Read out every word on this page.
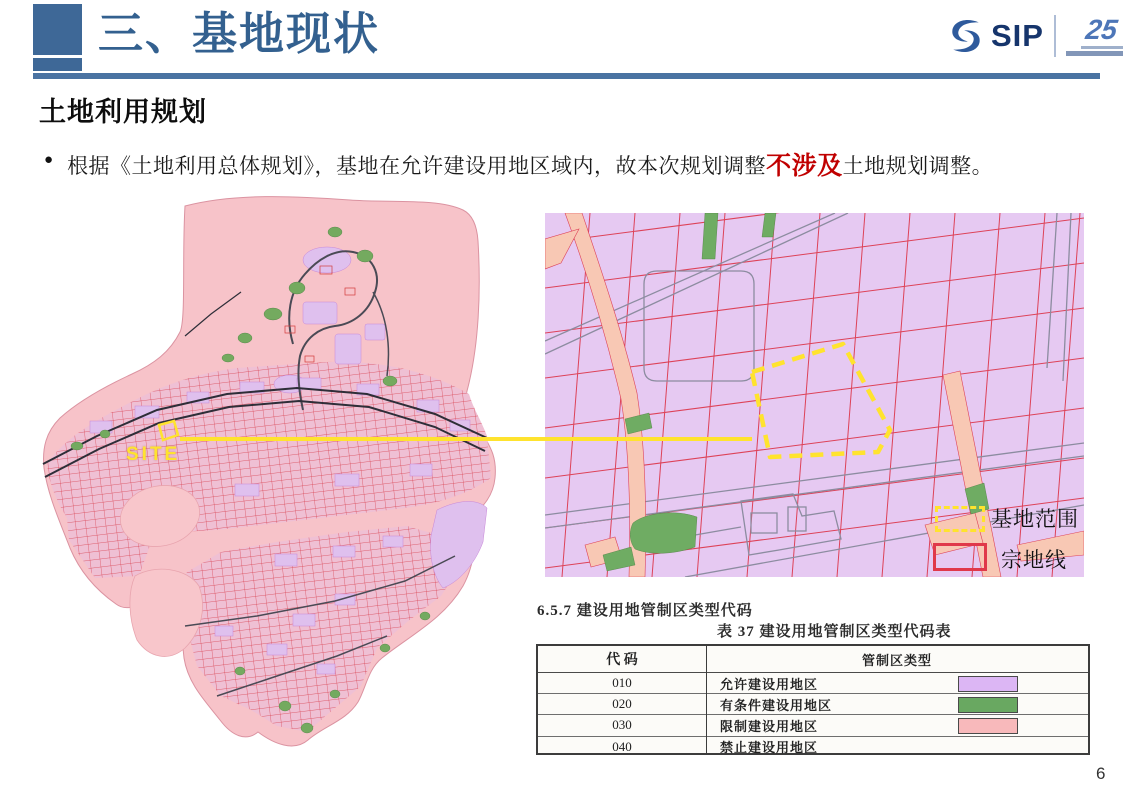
三、基地现状	SIP 25
土地利用规划
● 根据《土地利用总体规划》，基地在允许建设用地区域内，故本次规划调整不涉及土地规划调整。
SITE
基地范围
宗地线
6.5.7 建设用地管制区类型代码
表 37 建设用地管制区类型代码表
代 码	管制区类型
010	允许建设用地区
020	有条件建设用地区
030	限制建设用地区
040	禁止建设用地区
6
